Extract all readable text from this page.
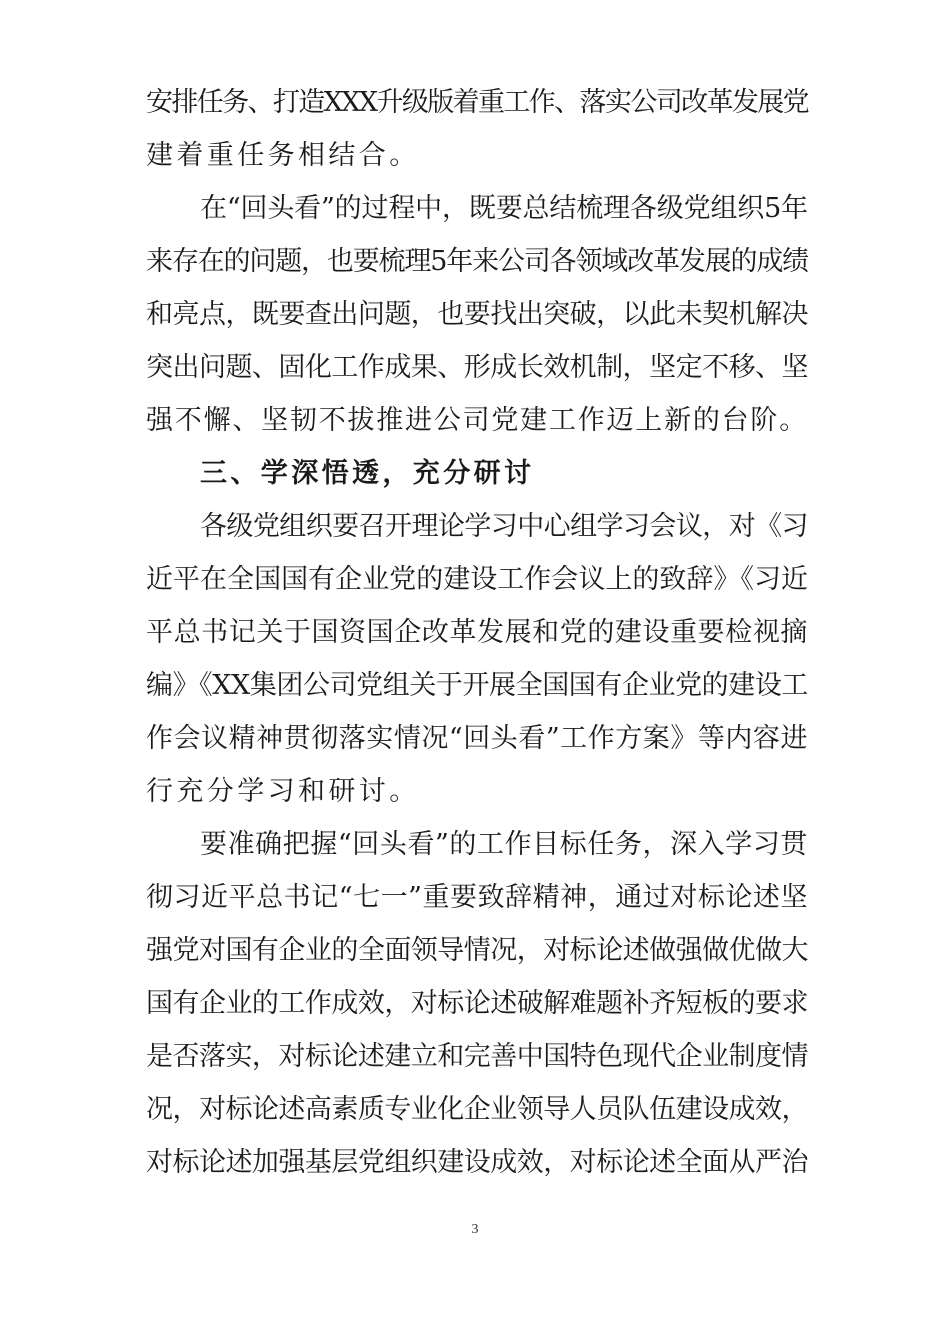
安排任务、打造XXX升级版着重工作、落实公司改革发展党
建着重任务相结合。
在“回头看”的过程中，既要总结梳理各级党组织5年
来存在的问题，也要梳理5年来公司各领域改革发展的成绩
和亮点，既要查出问题，也要找出突破，以此未契机解决
突出问题、固化工作成果、形成长效机制，坚定不移、坚
强不懈、坚韧不拔推进公司党建工作迈上新的台阶。
三、学深悟透，充分研讨
各级党组织要召开理论学习中心组学习会议，对《习
近平在全国国有企业党的建设工作会议上的致辞》《习近
平总书记关于国资国企改革发展和党的建设重要检视摘
编》《XX集团公司党组关于开展全国国有企业党的建设工
作会议精神贯彻落实情况“回头看”工作方案》等内容进
行充分学习和研讨。
要准确把握“回头看”的工作目标任务，深入学习贯
彻习近平总书记“七一”重要致辞精神，通过对标论述坚
强党对国有企业的全面领导情况，对标论述做强做优做大
国有企业的工作成效，对标论述破解难题补齐短板的要求
是否落实，对标论述建立和完善中国特色现代企业制度情
况，对标论述高素质专业化企业领导人员队伍建设成效，
对标论述加强基层党组织建设成效，对标论述全面从严治
3
